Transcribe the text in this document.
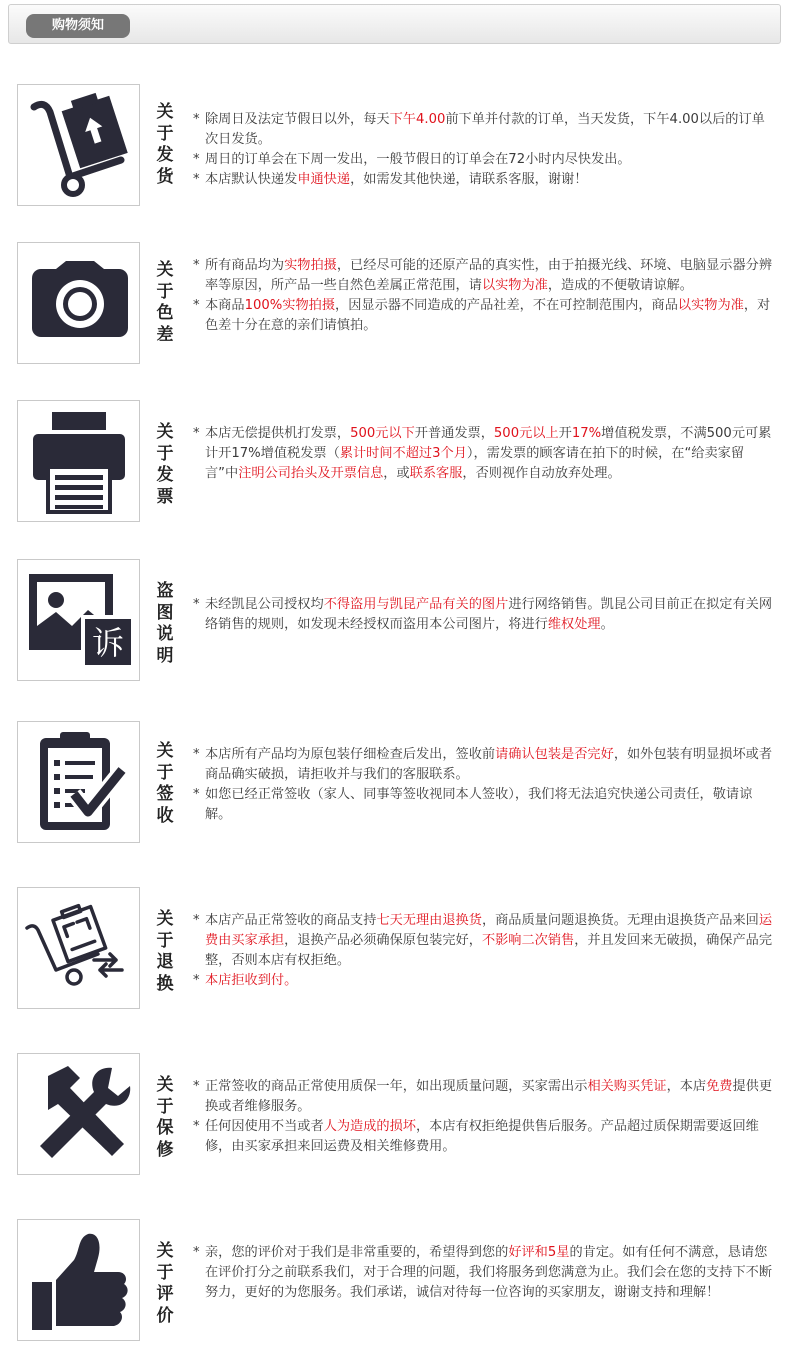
购物须知
关
于
发
货
* 除周日及法定节假日以外，每天下午4.00前下单并付款的订单，当天发货，下午4.00以后的订单次日发货。
* 周日的订单会在下周一发出，一般节假日的订单会在72小时内尽快发出。
* 本店默认快递发申通快递，如需发其他快递，请联系客服，谢谢！
关
于
色
差
* 所有商品均为实物拍摄，已经尽可能的还原产品的真实性，由于拍摄光线、环境、电脑显示器分辨率等原因，所产品一些自然色差属正常范围，请以实物为准，造成的不便敬请谅解。
* 本商品100%实物拍摄，因显示器不同造成的产品社差，不在可控制范围内，商品以实物为准，对色差十分在意的亲们请慎拍。
关
于
发
票
* 本店无偿提供机打发票，500元以下开普通发票，500元以上开17%增值税发票，不满500元可累计开17%增值税发票（累计时间不超过3个月），需发票的顾客请在拍下的时候，在“给卖家留言”中注明公司抬头及开票信息，或联系客服，否则视作自动放弃处理。
诉
盗
图
说
明
* 未经凯昆公司授权均不得盗用与凯昆产品有关的图片进行网络销售。凯昆公司目前正在拟定有关网络销售的规则，如发现未经授权而盗用本公司图片，将进行维权处理。
关
于
签
收
* 本店所有产品均为原包装仔细检查后发出，签收前请确认包装是否完好，如外包装有明显损坏或者商品确实破损，请拒收并与我们的客服联系。
* 如您已经正常签收（家人、同事等签收视同本人签收），我们将无法追究快递公司责任，敬请谅解。
关
于
退
换
* 本店产品正常签收的商品支持七天无理由退换货，商品质量问题退换货。无理由退换货产品来回运费由买家承担，退换产品必须确保原包装完好，不影响二次销售，并且发回来无破损，确保产品完整，否则本店有权拒绝。
* 本店拒收到付。
关
于
保
修
* 正常签收的商品正常使用质保一年，如出现质量问题，买家需出示相关购买凭证，本店免费提供更换或者维修服务。
* 任何因使用不当或者人为造成的损坏，本店有权拒绝提供售后服务。产品超过质保期需要返回维修，由买家承担来回运费及相关维修费用。
关
于
评
价
* 亲，您的评价对于我们是非常重要的，希望得到您的好评和5星的肯定。如有任何不满意，恳请您在评价打分之前联系我们，对于合理的问题，我们将服务到您满意为止。我们会在您的支持下不断努力，更好的为您服务。我们承诺，诚信对待每一位咨询的买家朋友，谢谢支持和理解！
